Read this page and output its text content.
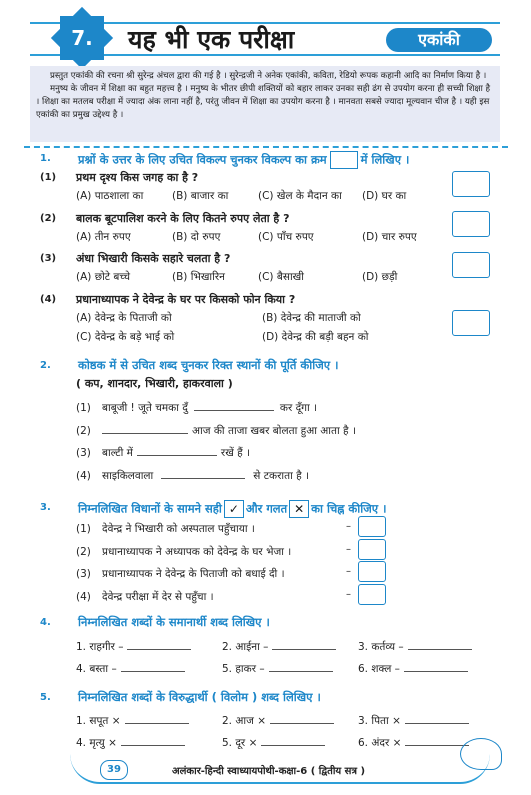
7.	यह भी एक परीक्षा	एकांकी

प्रस्तुत एकांकी की रचना श्री सुरेन्द्र अंचल द्वारा की गई है । सुरेन्द्रजी ने अनेक एकांकी, कविता, रेडियो रूपक कहानी आदि का निर्माण किया है ।

मनुष्य के जीवन में शिक्षा का बहुत महत्त्व है । मनुष्य के भीतर छीपी शक्तियों को बहार लाकर उनका सही ढंग से उपयोग करना ही सच्ची शिक्षा है । शिक्षा का मतलब परीक्षा में ज्यादा अंक लाना नहीं है, परंतु जीवन में शिक्षा का उपयोग करना है । मानवता सबसे ज्यादा मूल्यवान चीज है । यही इस एकांकी का प्रमुख उद्देश्य है ।

1. प्रश्नों के उत्तर के लिए उचित विकल्प चुनकर विकल्प का क्रम	में लिखिए ।
(1) प्रथम दृश्य किस जगह का है ?
(A) पाठशाला का	(B) बाजार का	(C) खेल के मैदान का (D) घर का
(2) बालक बूटपालिश करने के लिए कितने रुपए लेता है ?
(A) तीन रुपए	(B) दो रुपए	(C) पाँच रुपए	(D) चार रुपए
(3) अंधा भिखारी किसके सहारे चलता है ?
(A) छोटे बच्चे	(B) भिखारिन	(C) बैसाखी	(D) छड़ी
(4) प्रधानाध्यापक ने देवेन्द्र के घर पर किसको फोन किया ?
(A) देवेन्द्र के पिताजी को	(B) देवेन्द्र की माताजी को
(C) देवेन्द्र के बड़े भाई को	(D) देवेन्द्र की बड़ी बहन को
2. कोष्ठक में से उचित शब्द चुनकर रिक्त स्थानों की पूर्ति कीजिए ।
( कप, शानदार, भिखारी, हाकरवाला )
(1) बाबूजी ! जूते चमका दुँ	कर दूँगा ।
(2)	आज की ताजा खबर बोलता हुआ आता है ।
(3) बाल्टी में	रखें हैं ।
(4) साइकिलवाला	से टकराता है ।
3. निम्नलिखित विधानों के सामने सही ✓ और गलत ✕ का चिह्न कीजिए ।
(1) देवेन्द्र ने भिखारी को अस्पताल पहुँचाया ।	–
(2) प्रधानाध्यापक ने अध्यापक को देवेन्द्र के घर भेजा ।	–
(3) प्रधानाध्यापक ने देवेन्द्र के पिताजी को बधाई दी ।	–
(4) देवेन्द्र परीक्षा में देर से पहुँचा ।	–
4. निम्नलिखित शब्दों के समानार्थी शब्द लिखिए ।
1. राहगीर –	2. आईना –	3. कर्तव्य –
4. बस्ता –	5. हाकर –	6. शक्ल –
5. निम्नलिखित शब्दों के विरुद्धार्थी ( विलोम ) शब्द लिखिए ।
1. सपूत ×	2. आज ×	3. पिता ×
4. मृत्यु ×	5. दूर ×	6. अंदर ×
39	अलंकार-हिन्दी स्वाध्यायपोथी-कक्षा-6 ( द्वितीय सत्र )
